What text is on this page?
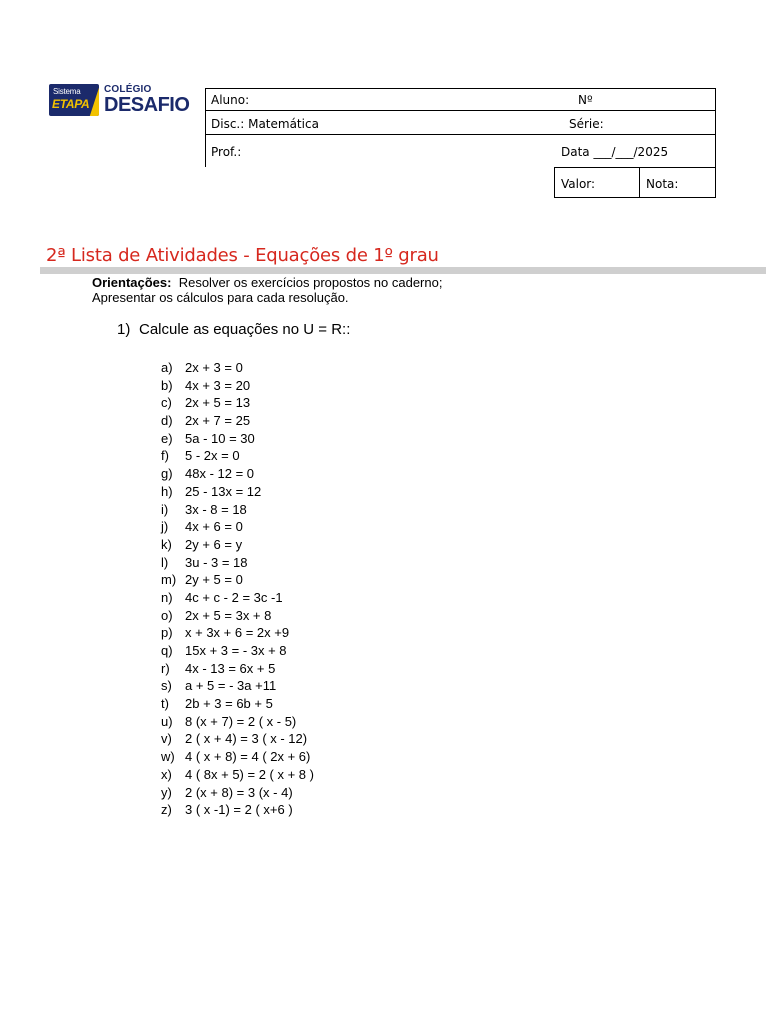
Sistema
ETAPA
COLÉGIO
DESAFIO Aluno:	Nº
Disc.: Matemática	Série:
Prof.:	Data ___/___/2025
Valor:	Nota:
2ª Lista de Atividades - Equações de 1º grau
Orientações:  Resolver os exercícios propostos no caderno;
Apresentar os cálculos para cada resolução.
1) Calcule as equações no U = R::
a) 2x + 3 = 0
b) 4x + 3 = 20
c) 2x + 5 = 13
d) 2x + 7 = 25
e) 5a - 10 = 30
f) 5 - 2x = 0
g) 48x - 12 = 0
h) 25 - 13x = 12
i) 3x - 8 = 18
j) 4x + 6 = 0
k) 2y + 6 = y
l) 3u - 3 = 18
m) 2y + 5 = 0
n) 4c + c - 2 = 3c -1
o) 2x + 5 = 3x + 8
p) x + 3x + 6 = 2x +9
q) 15x + 3 = - 3x + 8
r) 4x - 13 = 6x + 5
s) a + 5 = - 3a +11
t) 2b + 3 = 6b + 5
u) 8 (x + 7) = 2 ( x - 5)
v) 2 ( x + 4) = 3 ( x - 12)
w) 4 ( x + 8) = 4 ( 2x + 6)
x) 4 ( 8x + 5) = 2 ( x + 8 )
y) 2 (x + 8) = 3 (x - 4)
z) 3 ( x -1) = 2 ( x+6 )
